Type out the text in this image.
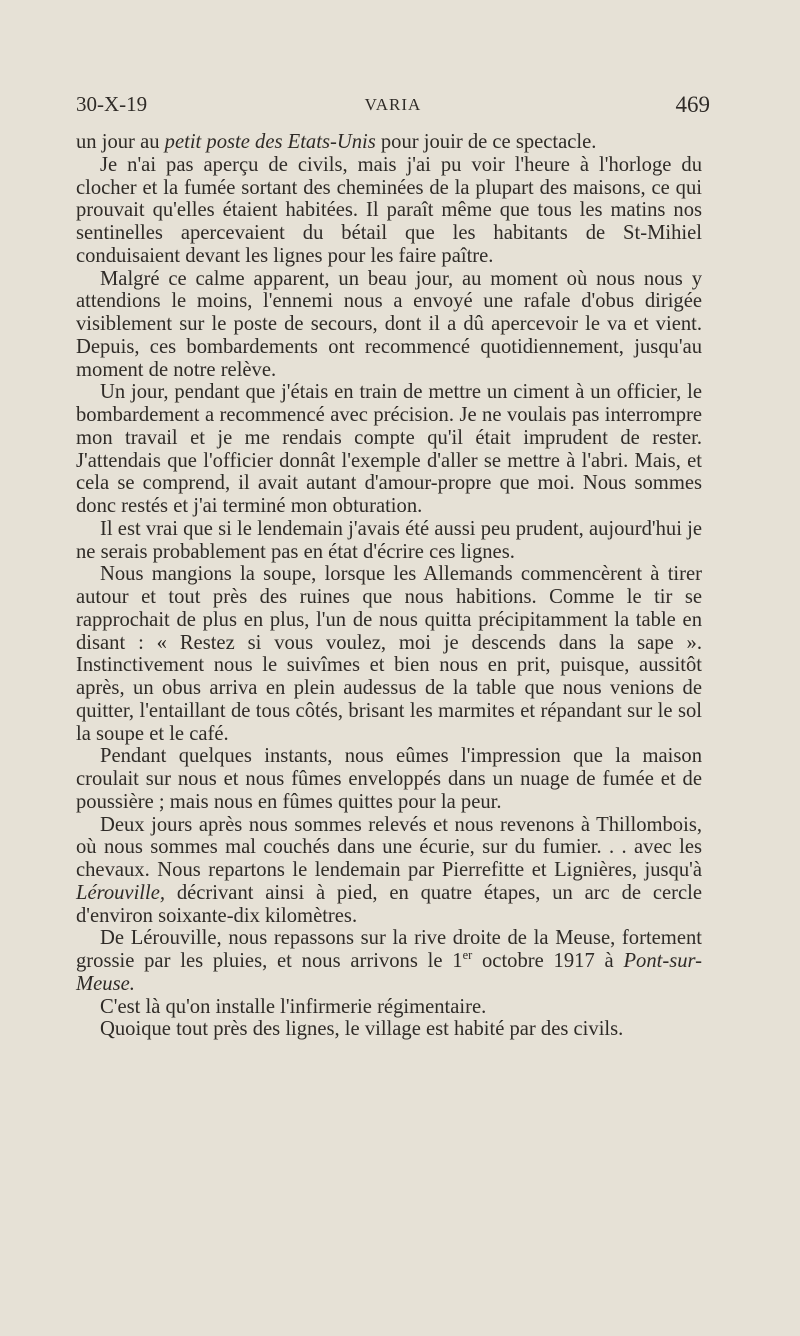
30-X-19	VARIA	469

un jour au petit poste des Etats-Unis pour jouir de ce spectacle.

Je n'ai pas aperçu de civils, mais j'ai pu voir l'heure à l'horloge du clocher et la fumée sortant des cheminées de la plupart des maisons, ce qui prouvait qu'elles étaient habitées. Il paraît même que tous les matins nos sentinelles apercevaient du bétail que les habitants de St-Mihiel conduisaient devant les lignes pour les faire paître.

Malgré ce calme apparent, un beau jour, au moment où nous nous y attendions le moins, l'ennemi nous a envoyé une rafale d'obus dirigée visiblement sur le poste de secours, dont il a dû apercevoir le va et vient. Depuis, ces bombardements ont recommencé quotidiennement, jusqu'au moment de notre relève.

Un jour, pendant que j'étais en train de mettre un ciment à un officier, le bombardement a recommencé avec précision. Je ne voulais pas interrompre mon travail et je me rendais compte qu'il était imprudent de rester. J'attendais que l'officier donnât l'exemple d'aller se mettre à l'abri. Mais, et cela se comprend, il avait autant d'amour-propre que moi. Nous sommes donc restés et j'ai terminé mon obturation.

Il est vrai que si le lendemain j'avais été aussi peu prudent, aujourd'hui je ne serais probablement pas en état d'écrire ces lignes.

Nous mangions la soupe, lorsque les Allemands commencèrent à tirer autour et tout près des ruines que nous habitions. Comme le tir se rapprochait de plus en plus, l'un de nous quitta précipitamment la table en disant : « Restez si vous voulez, moi je descends dans la sape ». Instinctivement nous le suivîmes et bien nous en prit, puisque, aussitôt après, un obus arriva en plein audessus de la table que nous venions de quitter, l'entaillant de tous côtés, brisant les marmites et répandant sur le sol la soupe et le café.

Pendant quelques instants, nous eûmes l'impression que la maison croulait sur nous et nous fûmes enveloppés dans un nuage de fumée et de poussière ; mais nous en fûmes quittes pour la peur.

Deux jours après nous sommes relevés et nous revenons à Thillombois, où nous sommes mal couchés dans une écurie, sur du fumier. . . avec les chevaux. Nous repartons le lendemain par Pierrefitte et Lignières, jusqu'à Lérouville, décrivant ainsi à pied, en quatre étapes, un arc de cercle d'environ soixante-dix kilomètres.

De Lérouville, nous repassons sur la rive droite de la Meuse, fortement grossie par les pluies, et nous arrivons le 1er octobre 1917 à Pont-sur-Meuse.

C'est là qu'on installe l'infirmerie régimentaire.

Quoique tout près des lignes, le village est habité par des civils.
